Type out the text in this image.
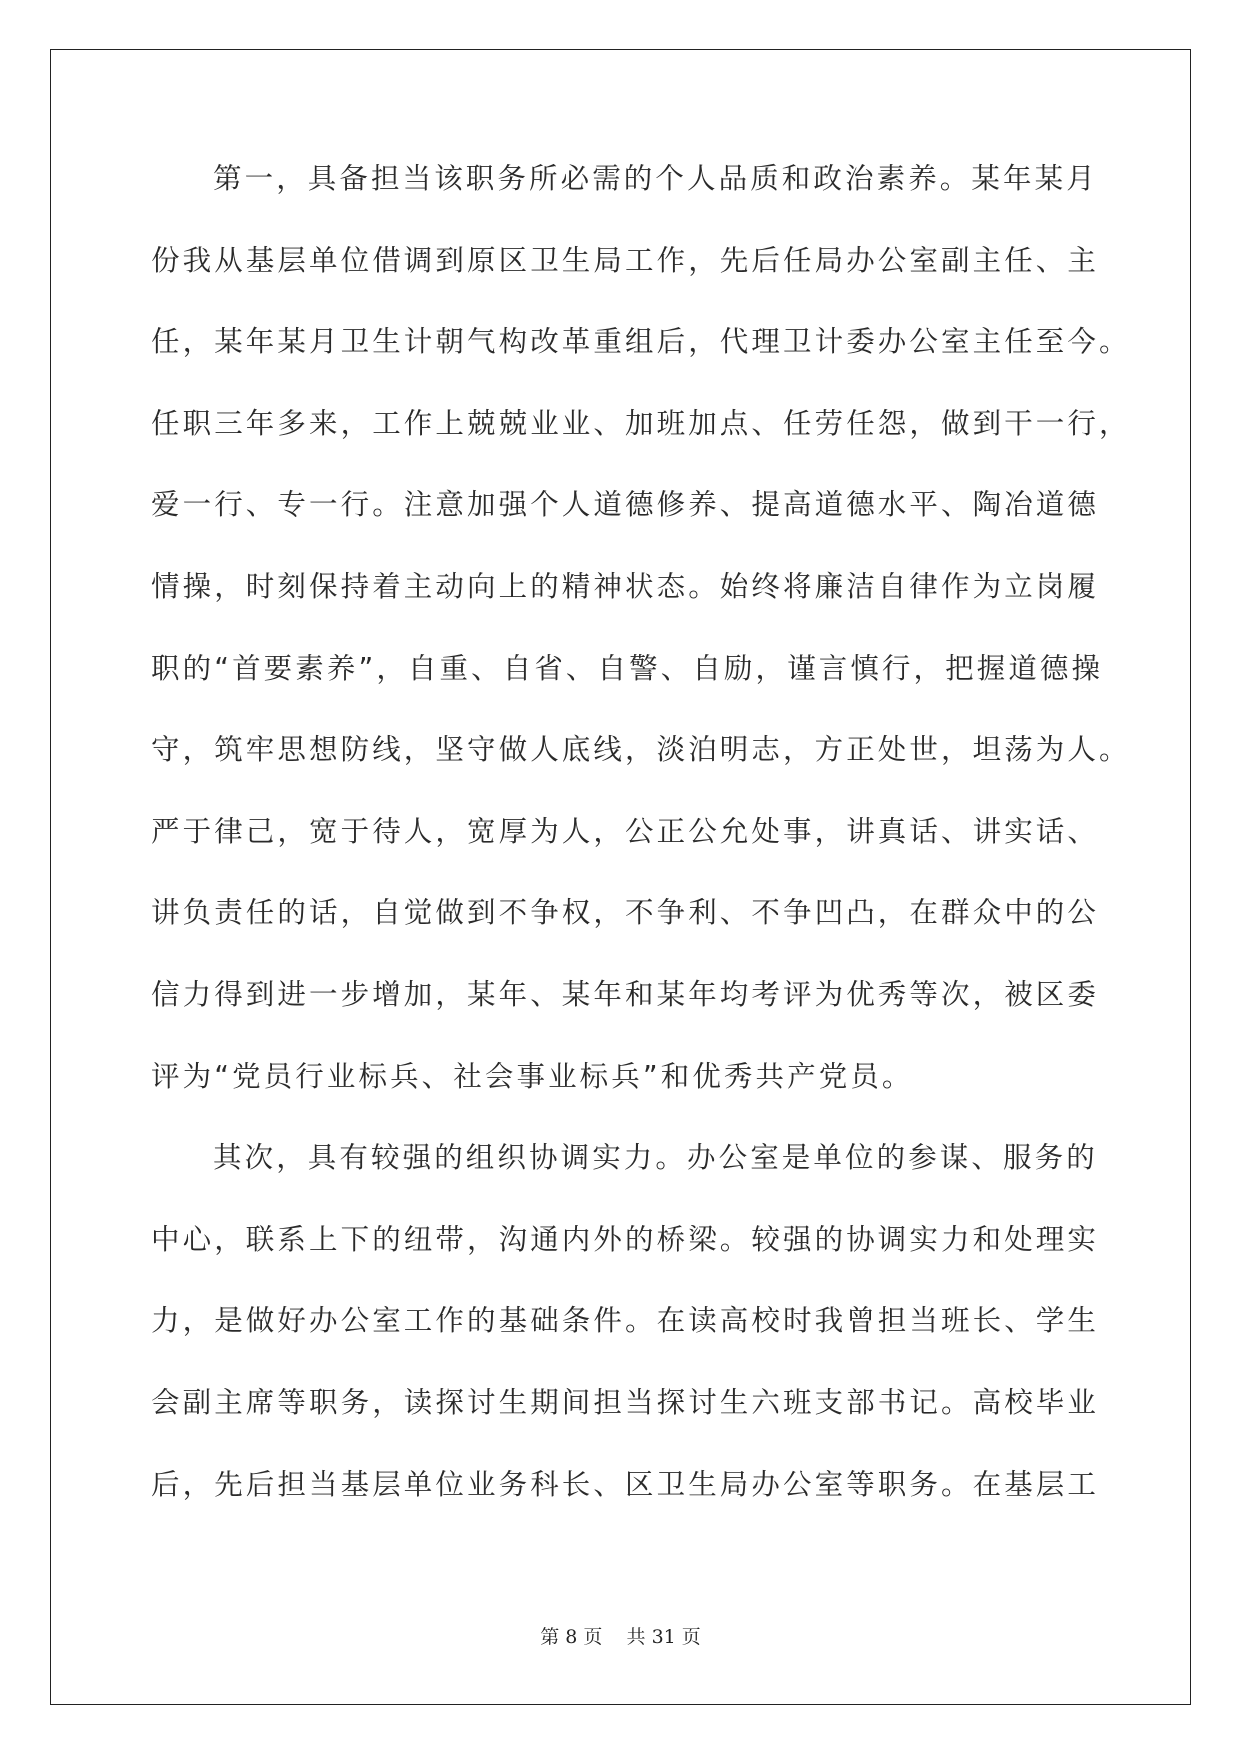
第一，具备担当该职务所必需的个人品质和政治素养。某年某月
份我从基层单位借调到原区卫生局工作，先后任局办公室副主任、主
任，某年某月卫生计朝气构改革重组后，代理卫计委办公室主任至今。
任职三年多来，工作上兢兢业业、加班加点、任劳任怨，做到干一行，
爱一行、专一行。注意加强个人道德修养、提高道德水平、陶冶道德
情操，时刻保持着主动向上的精神状态。始终将廉洁自律作为立岗履
职的“首要素养”，自重、自省、自警、自励，谨言慎行，把握道德操
守，筑牢思想防线，坚守做人底线，淡泊明志，方正处世，坦荡为人。
严于律己，宽于待人，宽厚为人，公正公允处事，讲真话、讲实话、
讲负责任的话，自觉做到不争权，不争利、不争凹凸，在群众中的公
信力得到进一步增加，某年、某年和某年均考评为优秀等次，被区委
评为“党员行业标兵、社会事业标兵”和优秀共产党员。
其次，具有较强的组织协调实力。办公室是单位的参谋、服务的
中心，联系上下的纽带，沟通内外的桥梁。较强的协调实力和处理实
力，是做好办公室工作的基础条件。在读高校时我曾担当班长、学生
会副主席等职务，读探讨生期间担当探讨生六班支部书记。高校毕业
后，先后担当基层单位业务科长、区卫生局办公室等职务。在基层工
第 8 页    共 31 页
